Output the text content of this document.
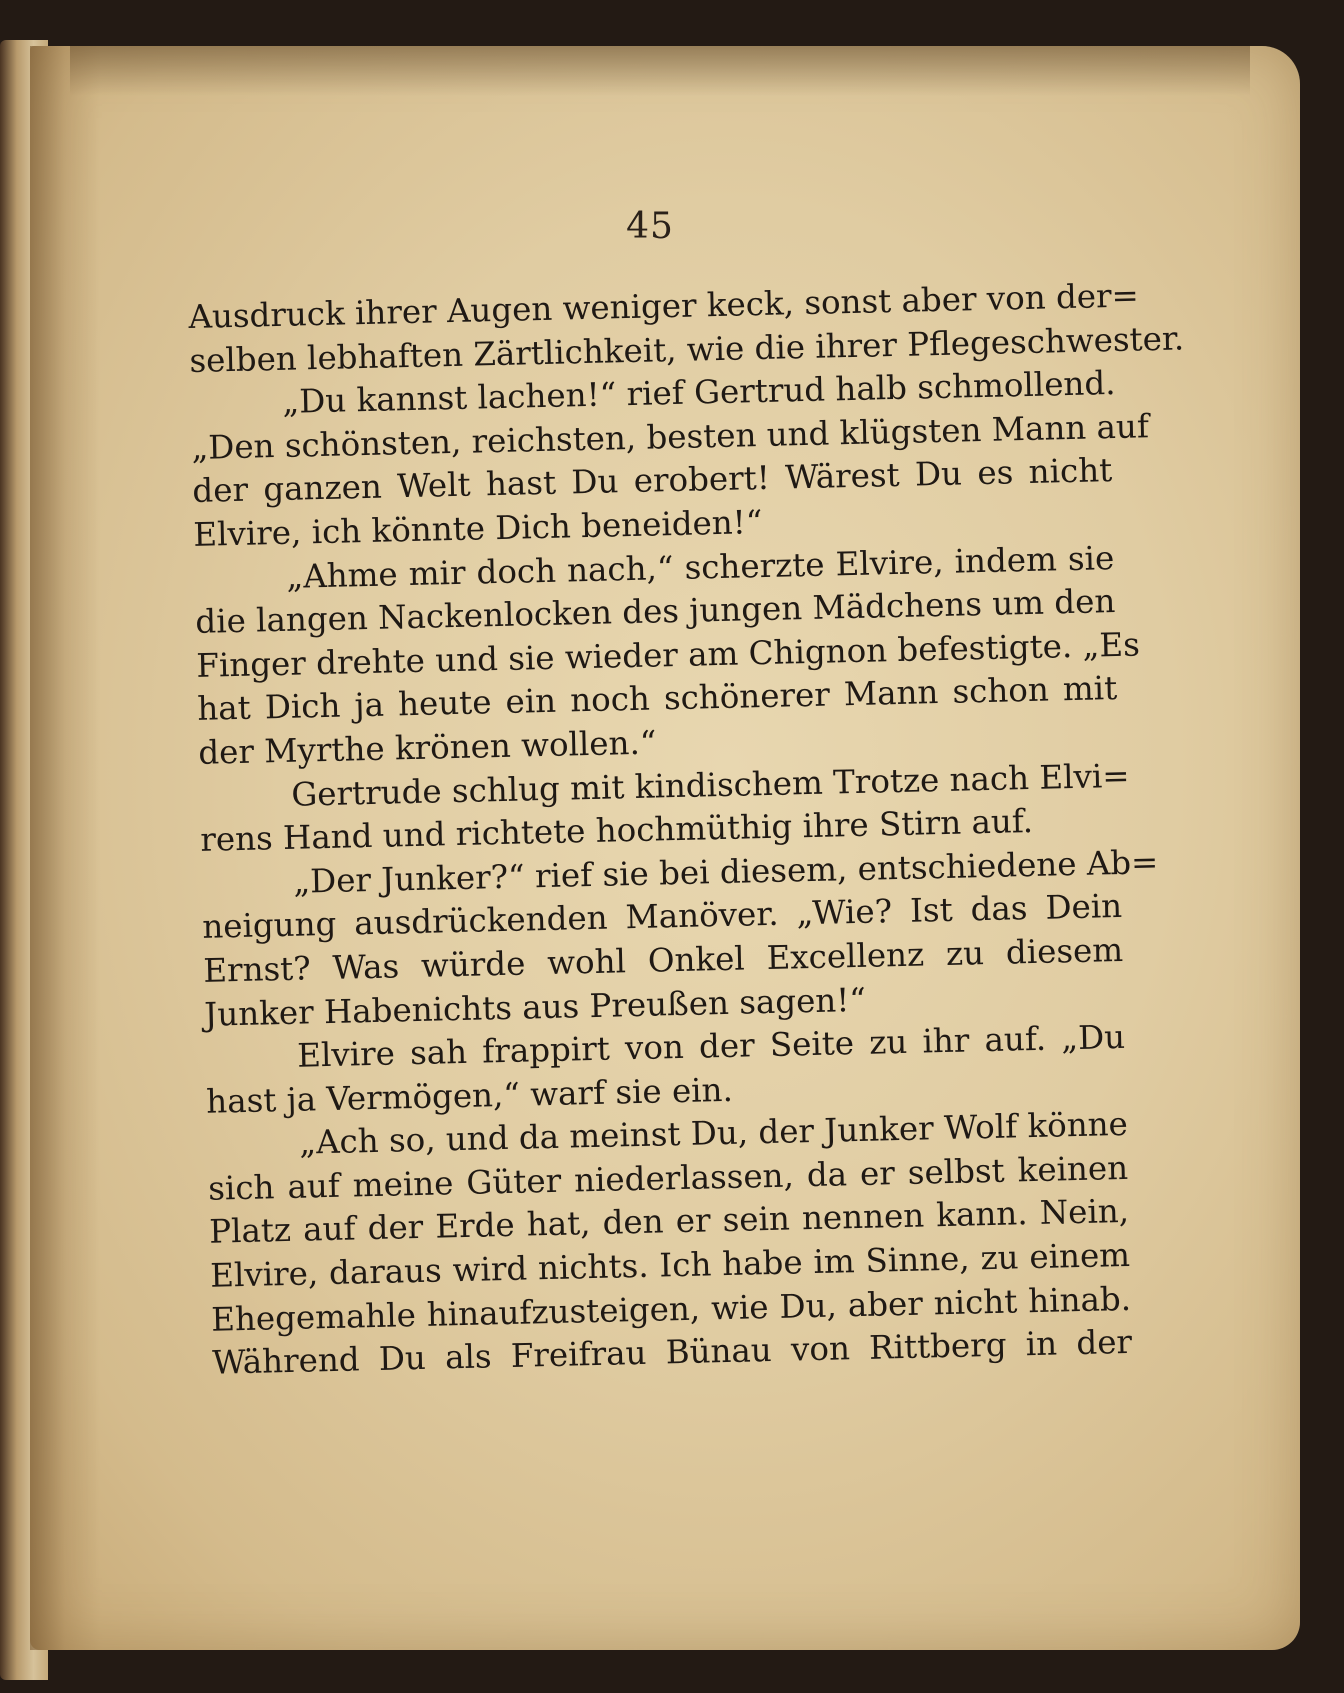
45
Ausdruck ihrer Augen weniger keck, sonst aber von der=
selben lebhaften Zärtlichkeit, wie die ihrer Pflegeschwester.
„Du kannst lachen!“ rief Gertrud halb schmollend.
„Den schönsten, reichsten, besten und klügsten Mann auf
der ganzen Welt hast Du erobert! Wärest Du es nicht
Elvire, ich könnte Dich beneiden!“
„Ahme mir doch nach,“ scherzte Elvire, indem sie
die langen Nackenlocken des jungen Mädchens um den
Finger drehte und sie wieder am Chignon befestigte. „Es
hat Dich ja heute ein noch schönerer Mann schon mit
der Myrthe krönen wollen.“
Gertrude schlug mit kindischem Trotze nach Elvi=
rens Hand und richtete hochmüthig ihre Stirn auf.
„Der Junker?“ rief sie bei diesem, entschiedene Ab=
neigung ausdrückenden Manöver. „Wie? Ist das Dein
Ernst? Was würde wohl Onkel Excellenz zu diesem
Junker Habenichts aus Preußen sagen!“
Elvire sah frappirt von der Seite zu ihr auf. „Du
hast ja Vermögen,“ warf sie ein.
„Ach so, und da meinst Du, der Junker Wolf könne
sich auf meine Güter niederlassen, da er selbst keinen
Platz auf der Erde hat, den er sein nennen kann. Nein,
Elvire, daraus wird nichts. Ich habe im Sinne, zu einem
Ehegemahle hinaufzusteigen, wie Du, aber nicht hinab.
Während Du als Freifrau Bünau von Rittberg in der
